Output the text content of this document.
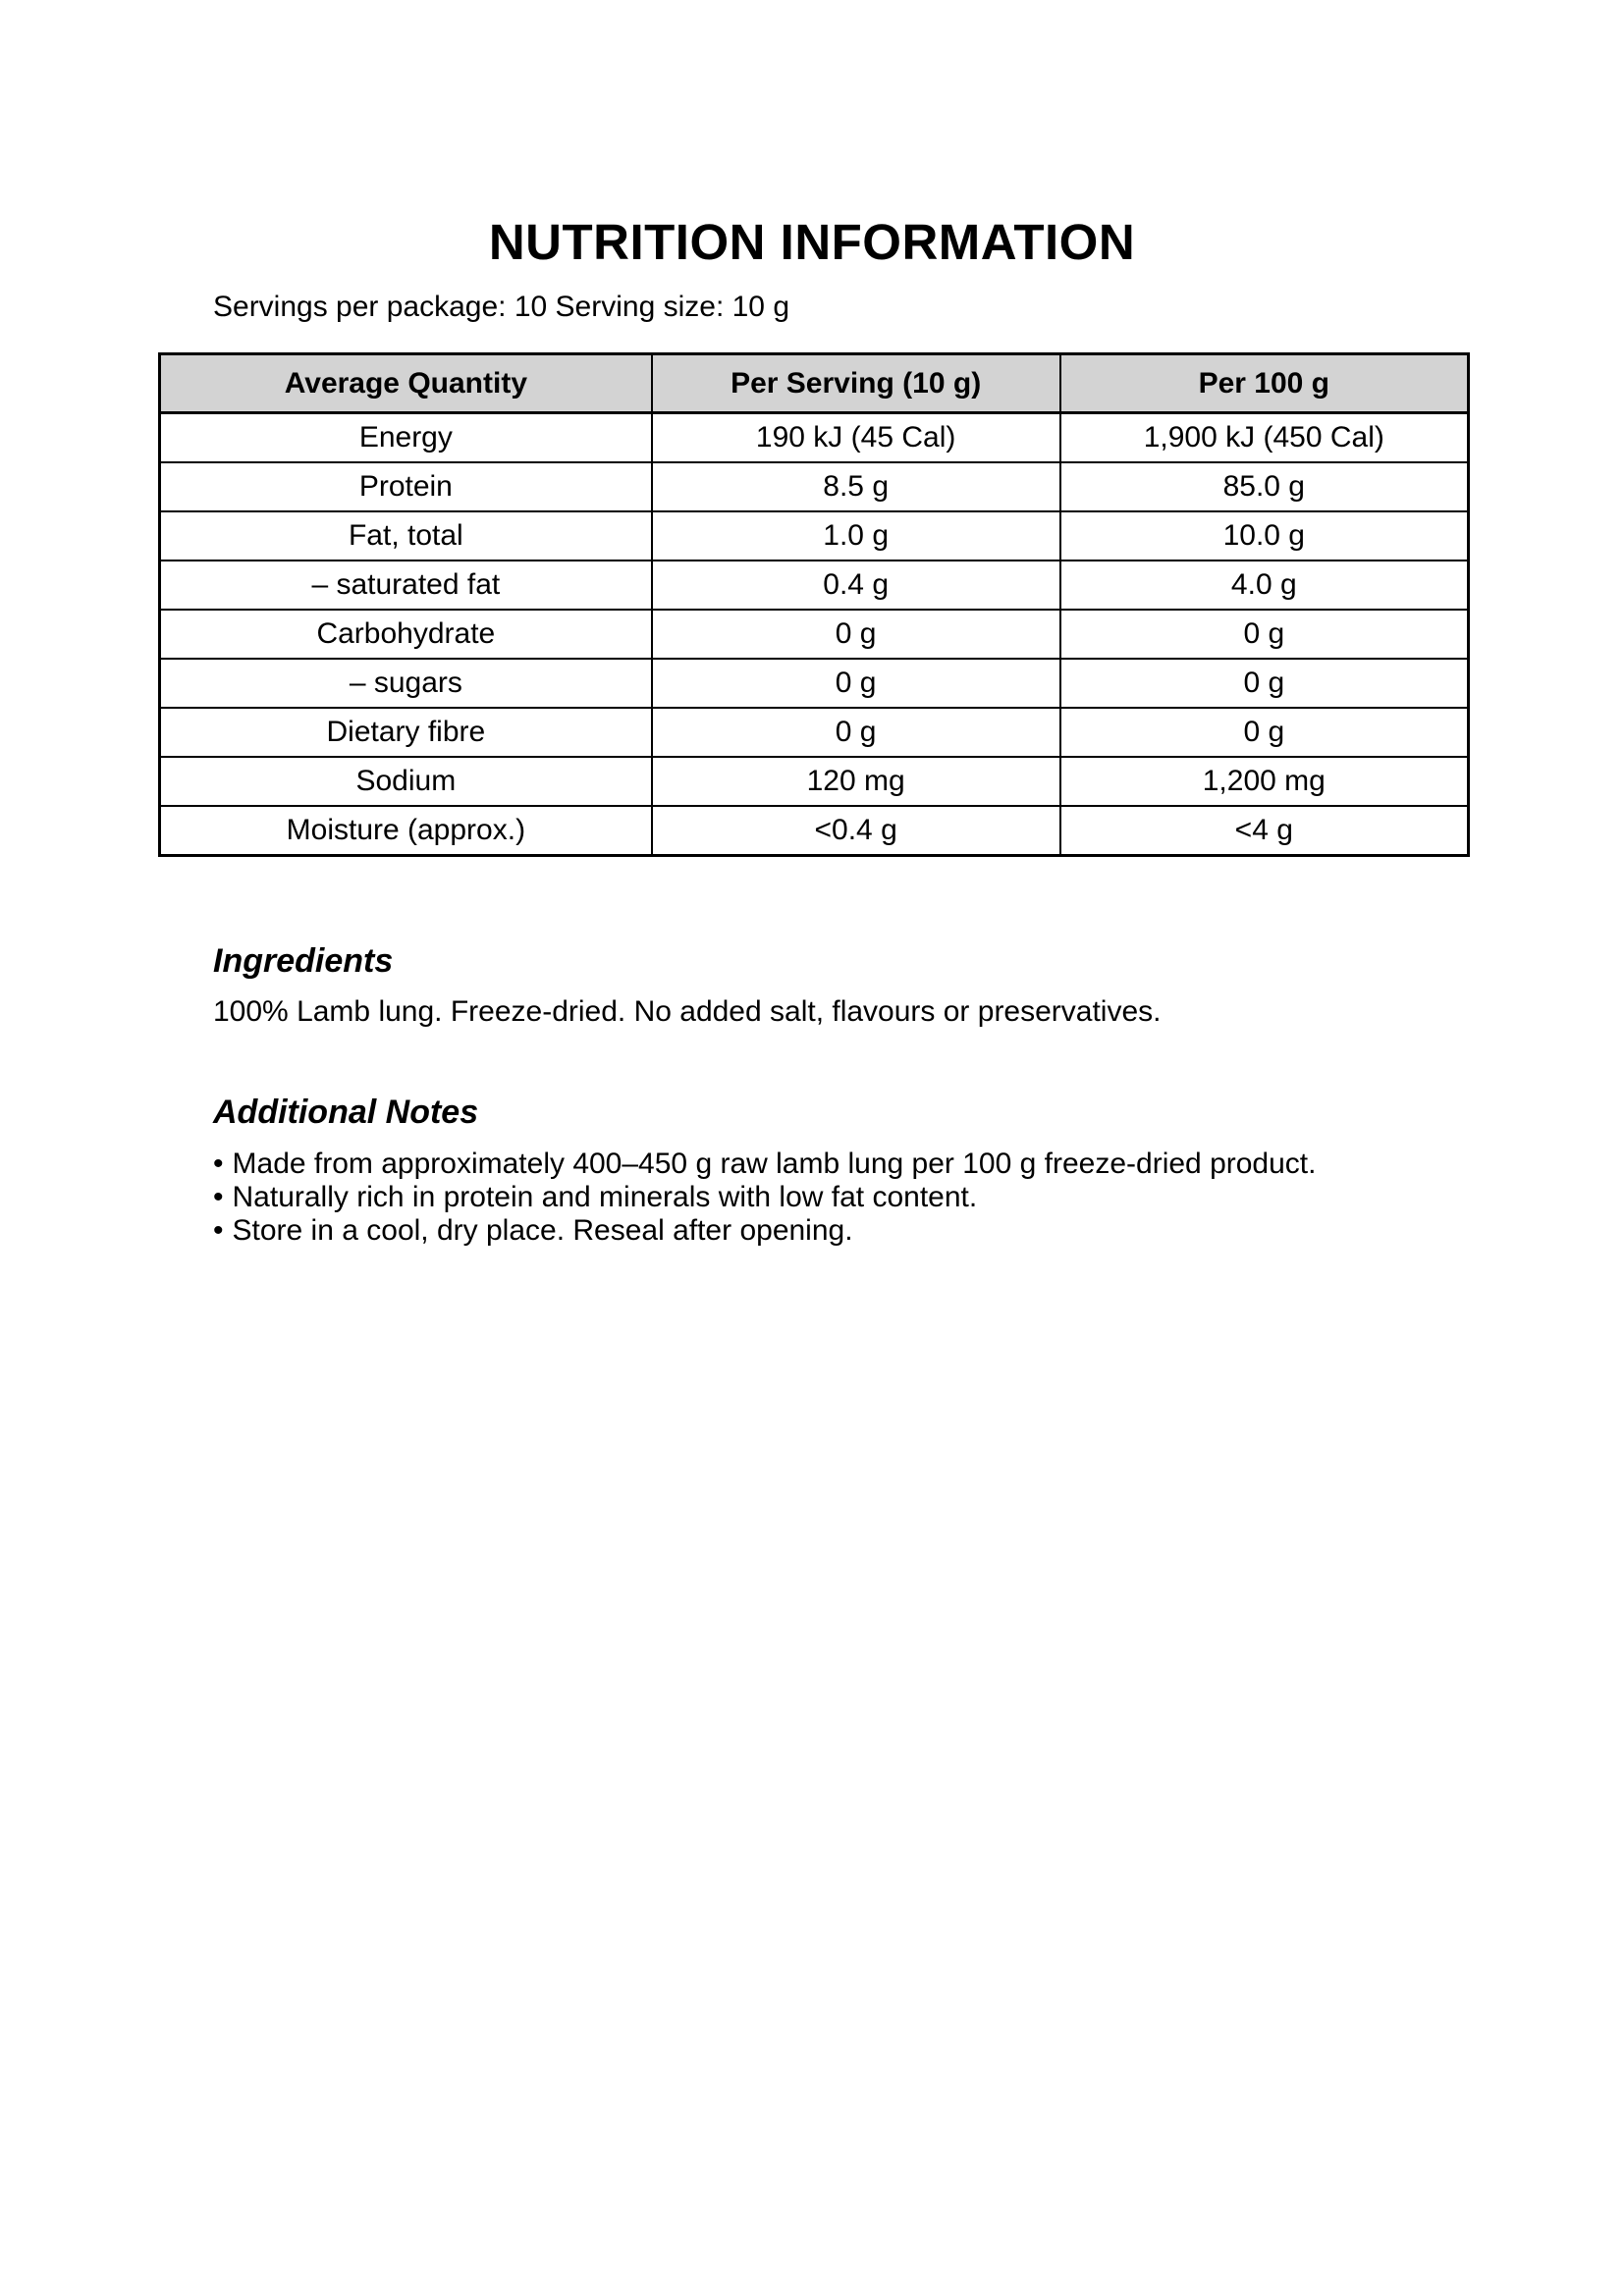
NUTRITION INFORMATION

Servings per package: 10 Serving size: 10 g

Average Quantity	Per Serving (10 g)	Per 100 g
Energy	190 kJ (45 Cal)	1,900 kJ (450 Cal)
Protein	8.5 g	85.0 g
Fat, total	1.0 g	10.0 g
– saturated fat	0.4 g	4.0 g
Carbohydrate	0 g	0 g
– sugars	0 g	0 g
Dietary fibre	0 g	0 g
Sodium	120 mg	1,200 mg
Moisture (approx.)	<0.4 g	<4 g
Ingredients

100% Lamb lung. Freeze-dried. No added salt, flavours or preservatives.

Additional Notes
• Made from approximately 400–450 g raw lamb lung per 100 g freeze-dried product.
• Naturally rich in protein and minerals with low fat content.
• Store in a cool, dry place. Reseal after opening.
